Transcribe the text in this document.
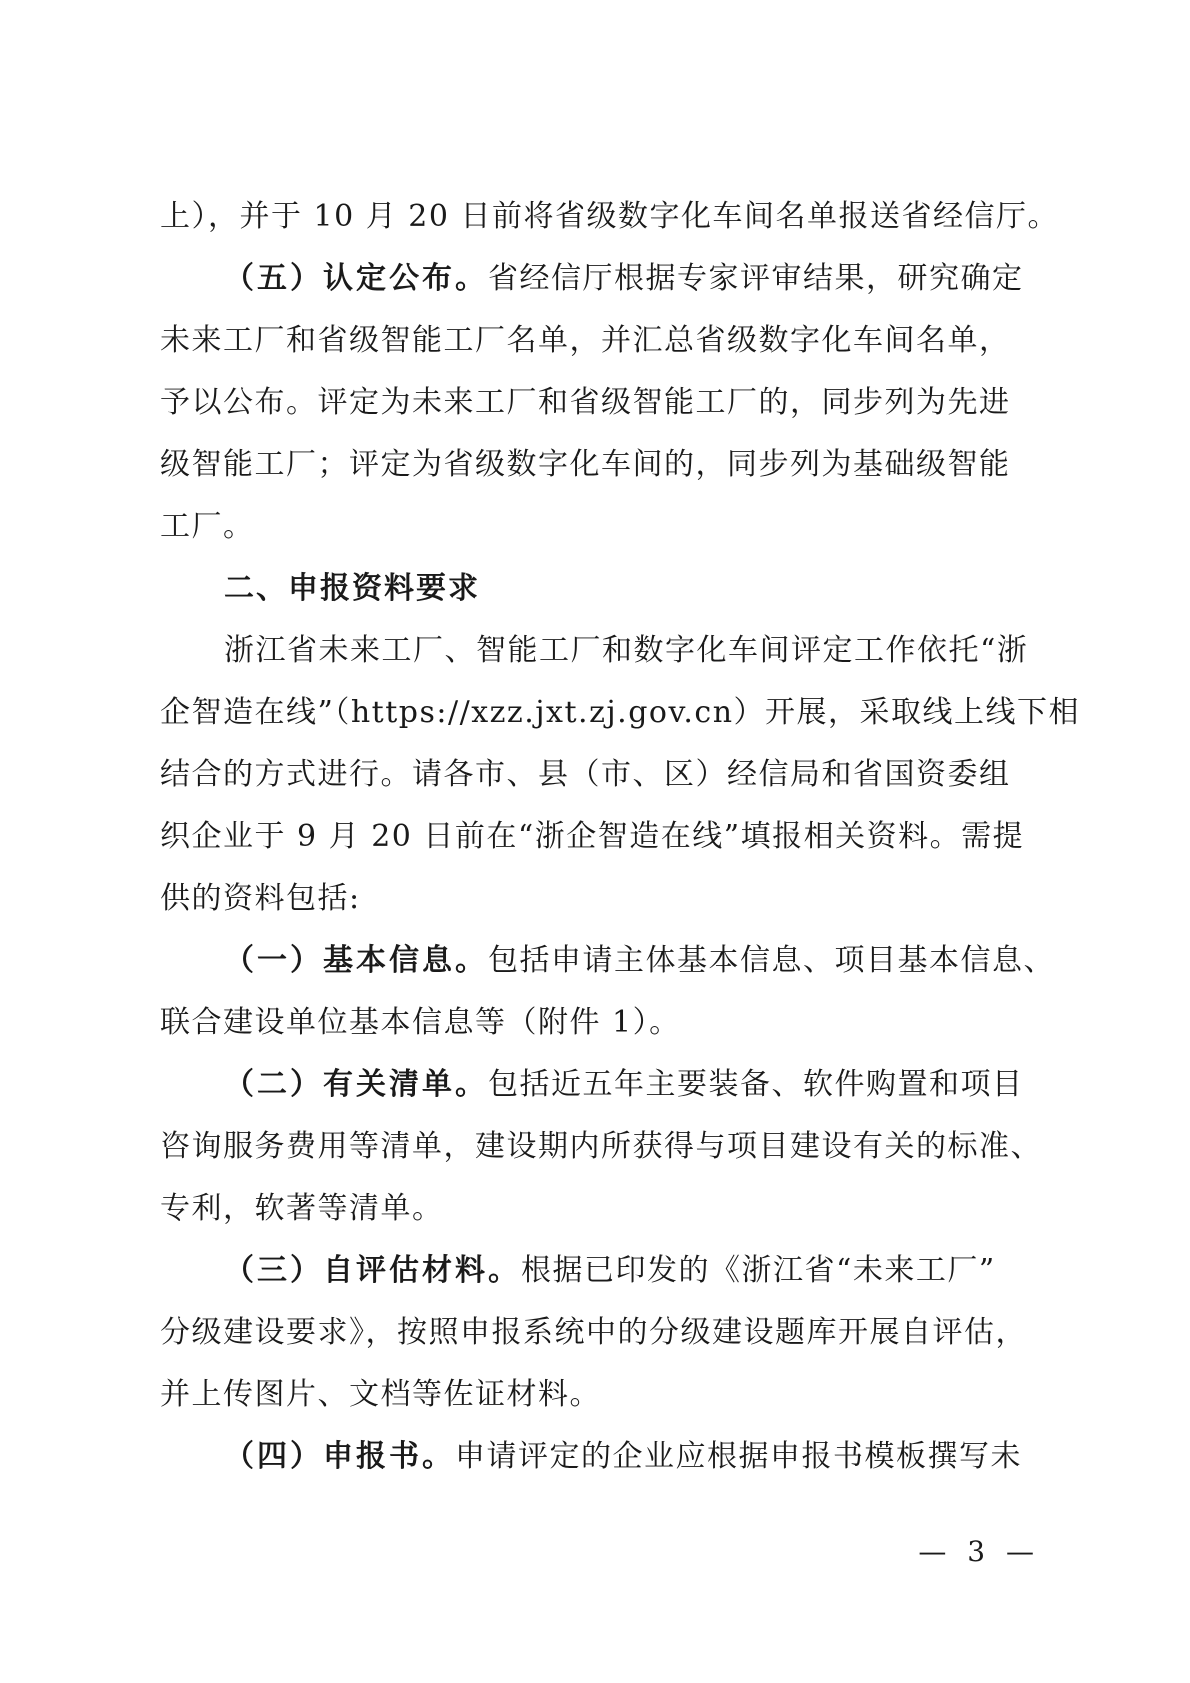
上），并于 10 月 20 日前将省级数字化车间名单报送省经信厅。
（五）认定公布。省经信厅根据专家评审结果，研究确定
未来工厂和省级智能工厂名单，并汇总省级数字化车间名单，
予以公布。评定为未来工厂和省级智能工厂的，同步列为先进
级智能工厂；评定为省级数字化车间的，同步列为基础级智能
工厂。
二、申报资料要求
浙江省未来工厂、智能工厂和数字化车间评定工作依托“浙
企智造在线”（https://xzz.jxt.zj.gov.cn）开展，采取线上线下相
结合的方式进行。请各市、县（市、区）经信局和省国资委组
织企业于 9 月 20 日前在“浙企智造在线”填报相关资料。需提
供的资料包括:
（一）基本信息。包括申请主体基本信息、项目基本信息、
联合建设单位基本信息等（附件 1）。
（二）有关清单。包括近五年主要装备、软件购置和项目
咨询服务费用等清单，建设期内所获得与项目建设有关的标准、
专利，软著等清单。
（三）自评估材料。根据已印发的《浙江省“未来工厂”
分级建设要求》，按照申报系统中的分级建设题库开展自评估，
并上传图片、文档等佐证材料。
（四）申报书。申请评定的企业应根据申报书模板撰写未
— 3 —
